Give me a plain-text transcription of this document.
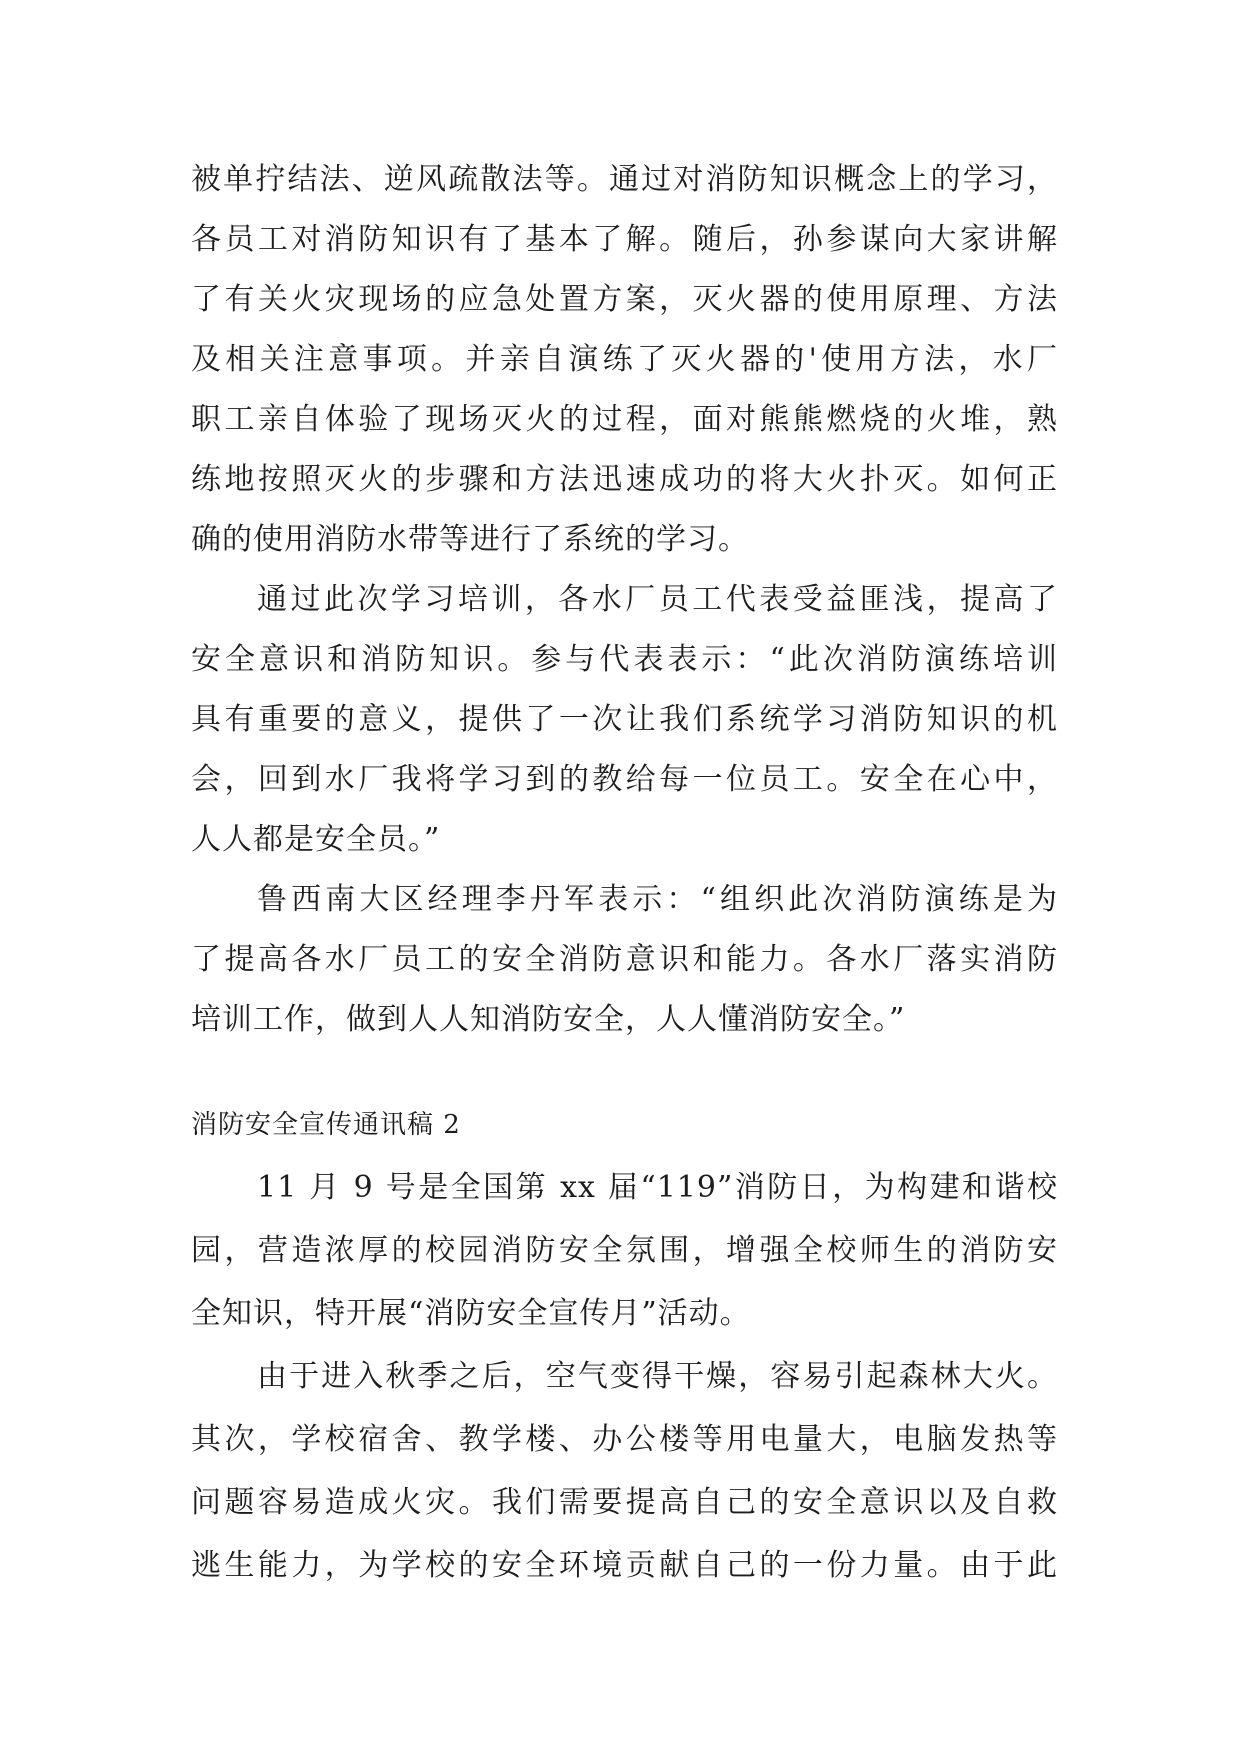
被单拧结法、逆风疏散法等。通过对消防知识概念上的学习，
各员工对消防知识有了基本了解。随后，孙参谋向大家讲解
了有关火灾现场的应急处置方案，灭火器的使用原理、方法
及相关注意事项。并亲自演练了灭火器的'使用方法，水厂
职工亲自体验了现场灭火的过程，面对熊熊燃烧的火堆，熟
练地按照灭火的步骤和方法迅速成功的将大火扑灭。如何正
确的使用消防水带等进行了系统的学习。
通过此次学习培训，各水厂员工代表受益匪浅，提高了
安全意识和消防知识。参与代表表示：“此次消防演练培训
具有重要的意义，提供了一次让我们系统学习消防知识的机
会，回到水厂我将学习到的教给每一位员工。安全在心中，
人人都是安全员。”
鲁西南大区经理李丹军表示：“组织此次消防演练是为
了提高各水厂员工的安全消防意识和能力。各水厂落实消防
培训工作，做到人人知消防安全，人人懂消防安全。”
消防安全宣传通讯稿 2
11 月 9 号是全国第 xx 届“119”消防日，为构建和谐校
园，营造浓厚的校园消防安全氛围，增强全校师生的消防安
全知识，特开展“消防安全宣传月”活动。
由于进入秋季之后，空气变得干燥，容易引起森林大火。
其次，学校宿舍、教学楼、办公楼等用电量大，电脑发热等
问题容易造成火灾。我们需要提高自己的安全意识以及自救
逃生能力，为学校的安全环境贡献自己的一份力量。由于此
